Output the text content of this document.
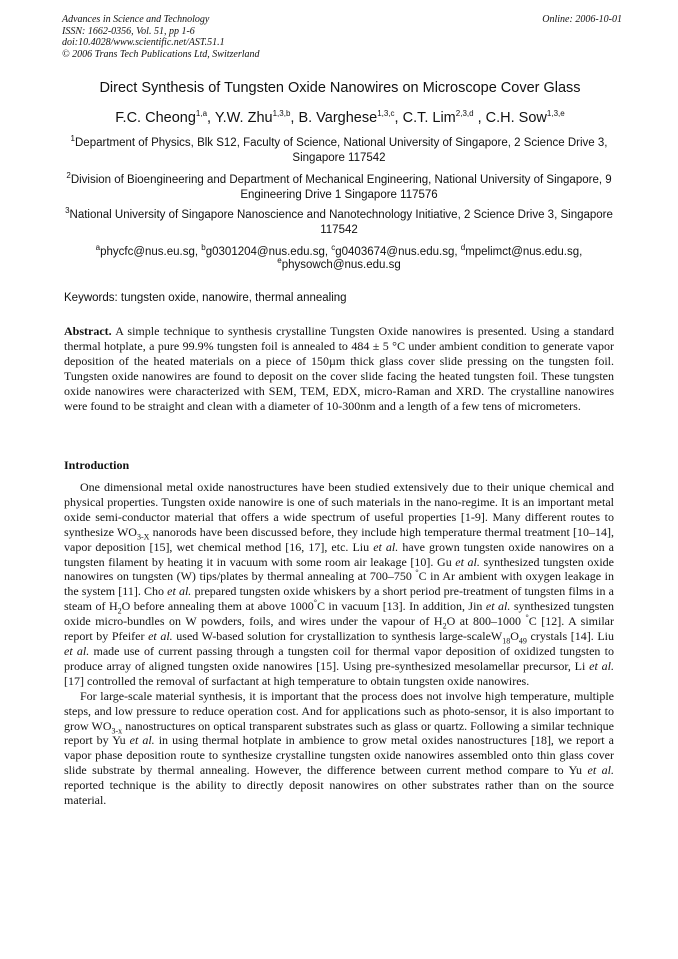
Advances in Science and Technology
ISSN: 1662-0356, Vol. 51, pp 1-6
doi:10.4028/www.scientific.net/AST.51.1
© 2006 Trans Tech Publications Ltd, Switzerland
Online: 2006-10-01
Direct Synthesis of Tungsten Oxide Nanowires on Microscope Cover Glass
F.C. Cheong$^{1,a}$, Y.W. Zhu$^{1,3,b}$, B. Varghese$^{1,3,c}$, C.T. Lim$^{2,3,d}$ , C.H. Sow$^{1,3,e}$
$^1$Department of Physics, Blk S12, Faculty of Science, National University of Singapore, 2 Science Drive 3, Singapore 117542
$^2$Division of Bioengineering and Department of Mechanical Engineering, National University of Singapore, 9 Engineering Drive 1 Singapore 117576
$^3$National University of Singapore Nanoscience and Nanotechnology Initiative, 2 Science Drive 3, Singapore 117542
$^a$phycfc@nus.eu.sg, $^b$g0301204@nus.edu.sg, $^c$g0403674@nus.edu.sg, $^d$mpelimct@nus.edu.sg,
$^e$physowch@nus.edu.sg
Keywords: tungsten oxide, nanowire, thermal annealing
Abstract. A simple technique to synthesis crystalline Tungsten Oxide nanowires is presented. Using a standard thermal hotplate, a pure 99.9% tungsten foil is annealed to 484 ± 5 °C under ambient condition to generate vapor deposition of the heated materials on a piece of 150µm thick glass cover slide pressing on the tungsten foil. Tungsten oxide nanowires are found to deposit on the cover slide facing the heated tungsten foil. These tungsten oxide nanowires were characterized with SEM, TEM, EDX, micro-Raman and XRD. The crystalline nanowires were found to be straight and clean with a diameter of 10-300nm and a length of a few tens of micrometers.
Introduction

One dimensional metal oxide nanostructures have been studied extensively due to their unique chemical and physical properties. Tungsten oxide nanowire is one of such materials in the nano-regime. It is an important metal oxide semi-conductor material that offers a wide spectrum of useful properties [1-9]. Many different routes to synthesize $WO_{3-X}$ nanorods have been discussed before, they include high temperature thermal treatment [10–14], vapor deposition [15], wet chemical method [16, 17], etc. Liu et al. have grown tungsten oxide nanowires on a tungsten filament by heating it in vacuum with some room air leakage [10]. Gu et al. synthesized tungsten oxide nanowires on tungsten (W) tips/plates by thermal annealing at 700–750 °C in Ar ambient with oxygen leakage in the system [11]. Cho et al. prepared tungsten oxide whiskers by a short period pre-treatment of tungsten films in a steam of $H_2O$ before annealing them at above 1000°C in vacuum [13]. In addition, Jin et al. synthesized tungsten oxide micro-bundles on W powders, foils, and wires under the vapour of $H_2O$ at 800–1000 °C [12]. A similar report by Pfeifer et al. used W-based solution for crystallization to synthesis large-$scaleW_{18}O_{49}$ crystals [14]. Liu et al. made use of current passing through a tungsten coil for thermal vapor deposition of oxidized tungsten to produce array of aligned tungsten oxide nanowires [15]. Using pre-synthesized mesolamellar precursor, Li et al. [17] controlled the removal of surfactant at high temperature to obtain tungsten oxide nanowires.

For large-scale material synthesis, it is important that the process does not involve high temperature, multiple steps, and low pressure to reduce operation cost. And for applications such as photo-sensor, it is also important to grow $WO_{3-x}$ nanostructures on optical transparent substrates such as glass or quartz. Following a similar technique report by Yu et al. in using thermal hotplate in ambience to grow metal oxides nanostructures [18], we report a vapor phase deposition route to synthesize crystalline tungsten oxide nanowires assembled onto thin glass cover slide substrate by thermal annealing. However, the difference between current method compare to Yu et al. reported technique is the ability to directly deposit nanowires on other substrates rather than on the source material.
